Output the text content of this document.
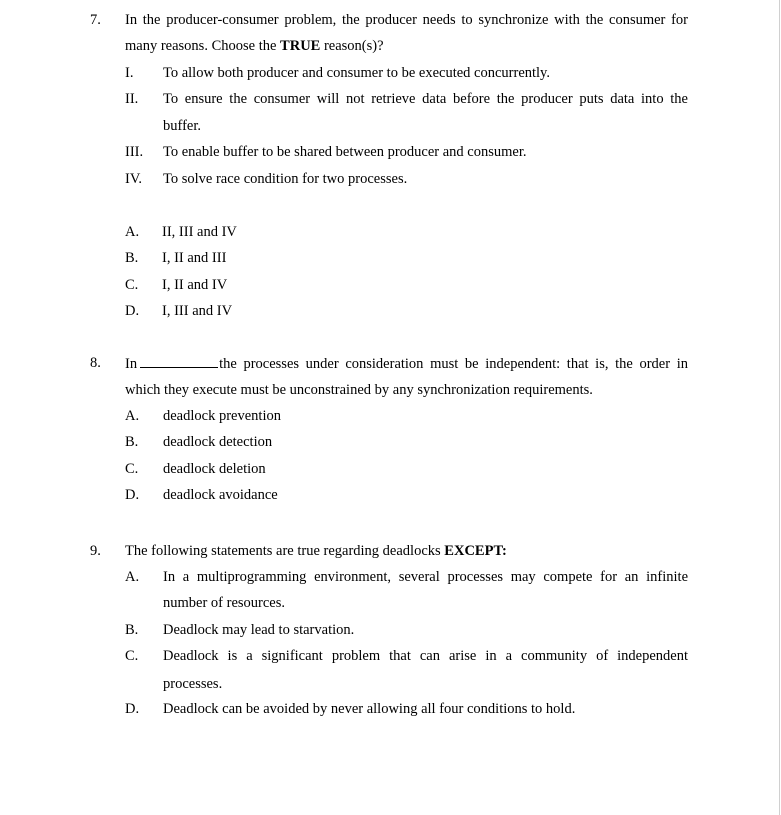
7. In the producer-consumer problem, the producer needs to synchronize with the consumer for
many reasons. Choose the TRUE reason(s)?
I. To allow both producer and consumer to be executed concurrently.
II. To ensure the consumer will not retrieve data before the producer puts data into the
buffer.
III. To enable buffer to be shared between producer and consumer.
IV. To solve race condition for two processes.
A. II, III and IV
B. I, II and III
C. I, II and IV
D. I, III and IV
8. In	the processes under consideration must be independent: that is, the order in
which they execute must be unconstrained by any synchronization requirements.
A. deadlock prevention
B. deadlock detection
C. deadlock deletion
D. deadlock avoidance
9. The following statements are true regarding deadlocks EXCEPT:
A. In a multiprogramming environment, several processes may compete for an infinite
number of resources.
B. Deadlock may lead to starvation.
C. Deadlock is a significant problem that can arise in a community of independent
processes.
D. Deadlock can be avoided by never allowing all four conditions to hold.
